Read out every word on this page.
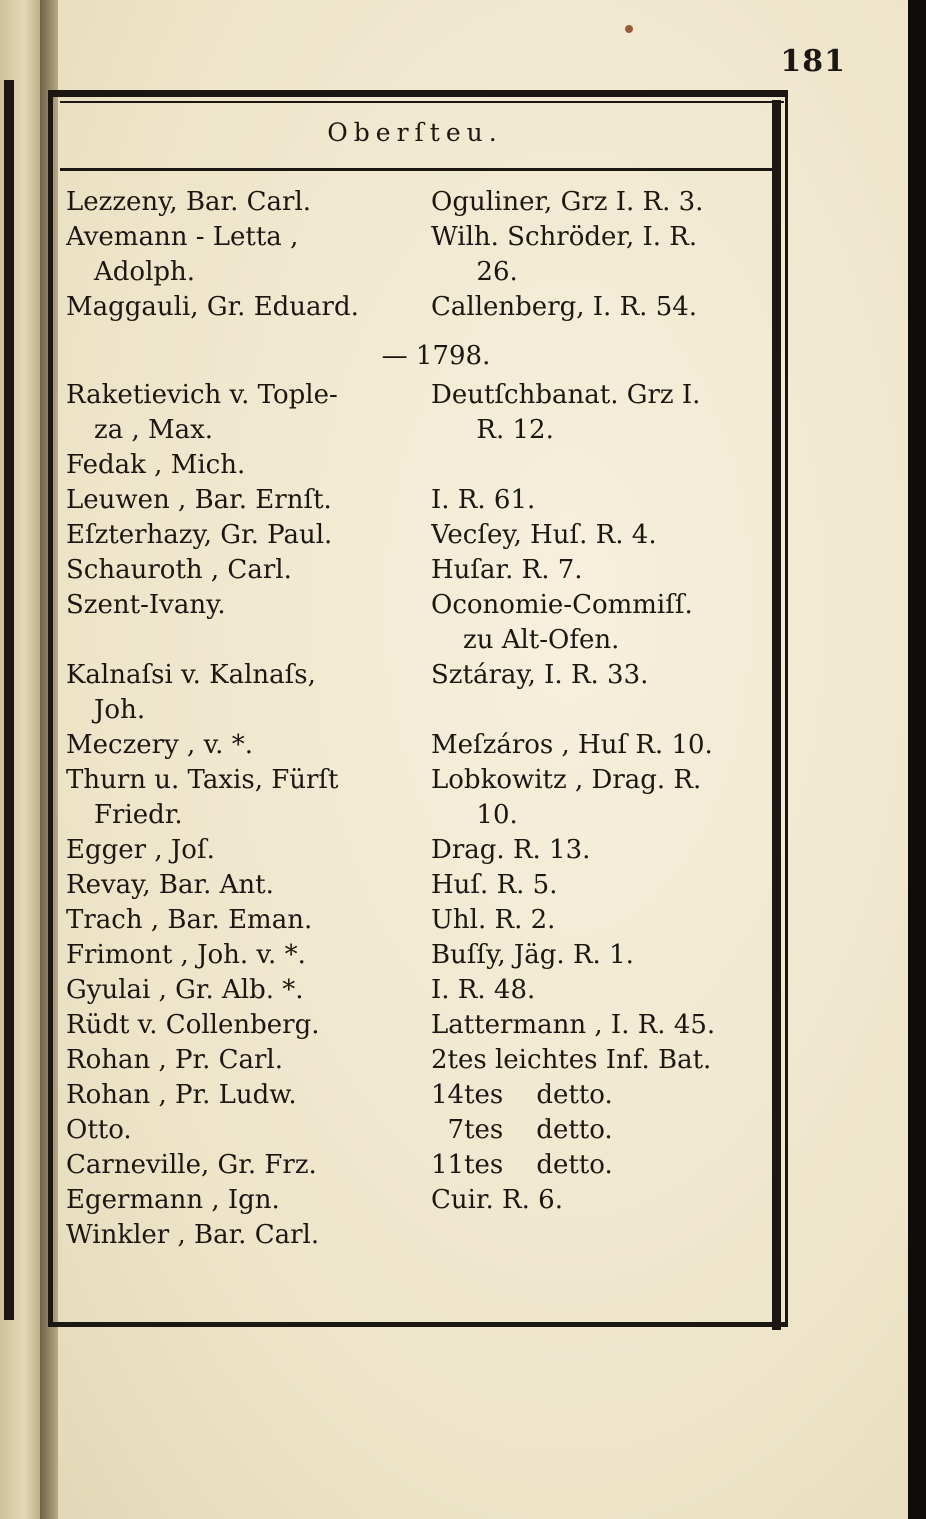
181
Oberſteu.
Lezzeny, Bar. Carl.	Oguliner, Grz I. R. 3.
Avemann - Letta ,	Wilh. Schröder, I. R.
Adolph.	26.
Maggauli, Gr. Eduard.	Callenberg, I. R. 54.
— 1798.
Raketievich v. Tople-	Deutſchbanat. Grz I.
za , Max.	R. 12.
Fedak , Mich.
Leuwen , Bar. Ernſt.	I. R. 61.
Eſzterhazy, Gr. Paul.	Vecſey, Huſ. R. 4.
Schauroth , Carl.	Huſar. R. 7.
Szent-Ivany.	Oconomie-Commiſſ.
zu Alt-Ofen.
Kalnaſsi v. Kalnaſs,	Sztáray, I. R. 33.
Joh.
Meczery , v. *.	Meſzáros , Huſ R. 10.
Thurn u. Taxis, Fürſt	Lobkowitz , Drag. R.
Friedr.	10.
Egger , Joſ.	Drag. R. 13.
Revay, Bar. Ant.	Huſ. R. 5.
Trach , Bar. Eman.	Uhl. R. 2.
Frimont , Joh. v. *.	Buſſy, Jäg. R. 1.
Gyulai , Gr. Alb. *.	I. R. 48.
Rüdt v. Collenberg.	Lattermann , I. R. 45.
Rohan , Pr. Carl.	2tes leichtes Inf. Bat.
Rohan , Pr. Ludw.	14tes    detto.
Otto.	7tes    detto.
Carneville, Gr. Frz.	11tes    detto.
Egermann , Ign.	Cuir. R. 6.
Winkler , Bar. Carl.
